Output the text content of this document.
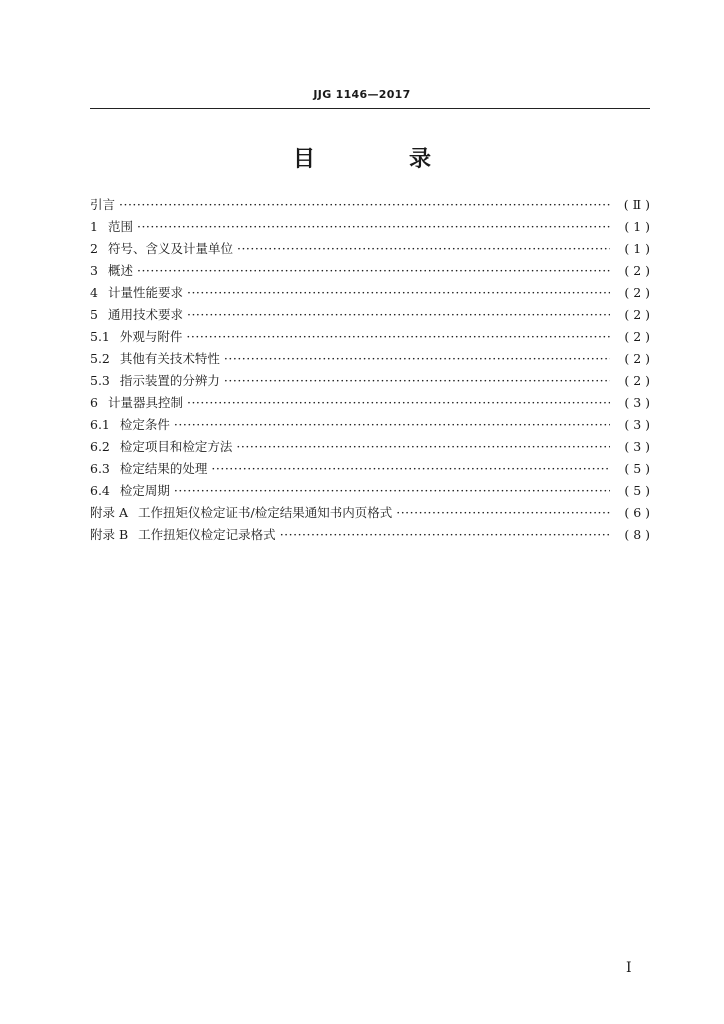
JJG 1146—2017
目　录
引言 ·····	( Ⅱ )
1 范围 ·····	( 1 )
2 符号、含义及计量单位 ·····	( 1 )
3 概述 ·····	( 2 )
4 计量性能要求 ·····	( 2 )
5 通用技术要求 ·····	( 2 )
5.1 外观与附件 ·····	( 2 )
5.2 其他有关技术特性 ·····	( 2 )
5.3 指示装置的分辨力 ·····	( 2 )
6 计量器具控制 ·····	( 3 )
6.1 检定条件 ·····	( 3 )
6.2 检定项目和检定方法 ·····	( 3 )
6.3 检定结果的处理 ·····	( 5 )
6.4 检定周期 ·····	( 5 )
附录 A 工作扭矩仪检定证书/检定结果通知书内页格式 ·····	( 6 )
附录 B 工作扭矩仪检定记录格式 ·····	( 8 )
I
